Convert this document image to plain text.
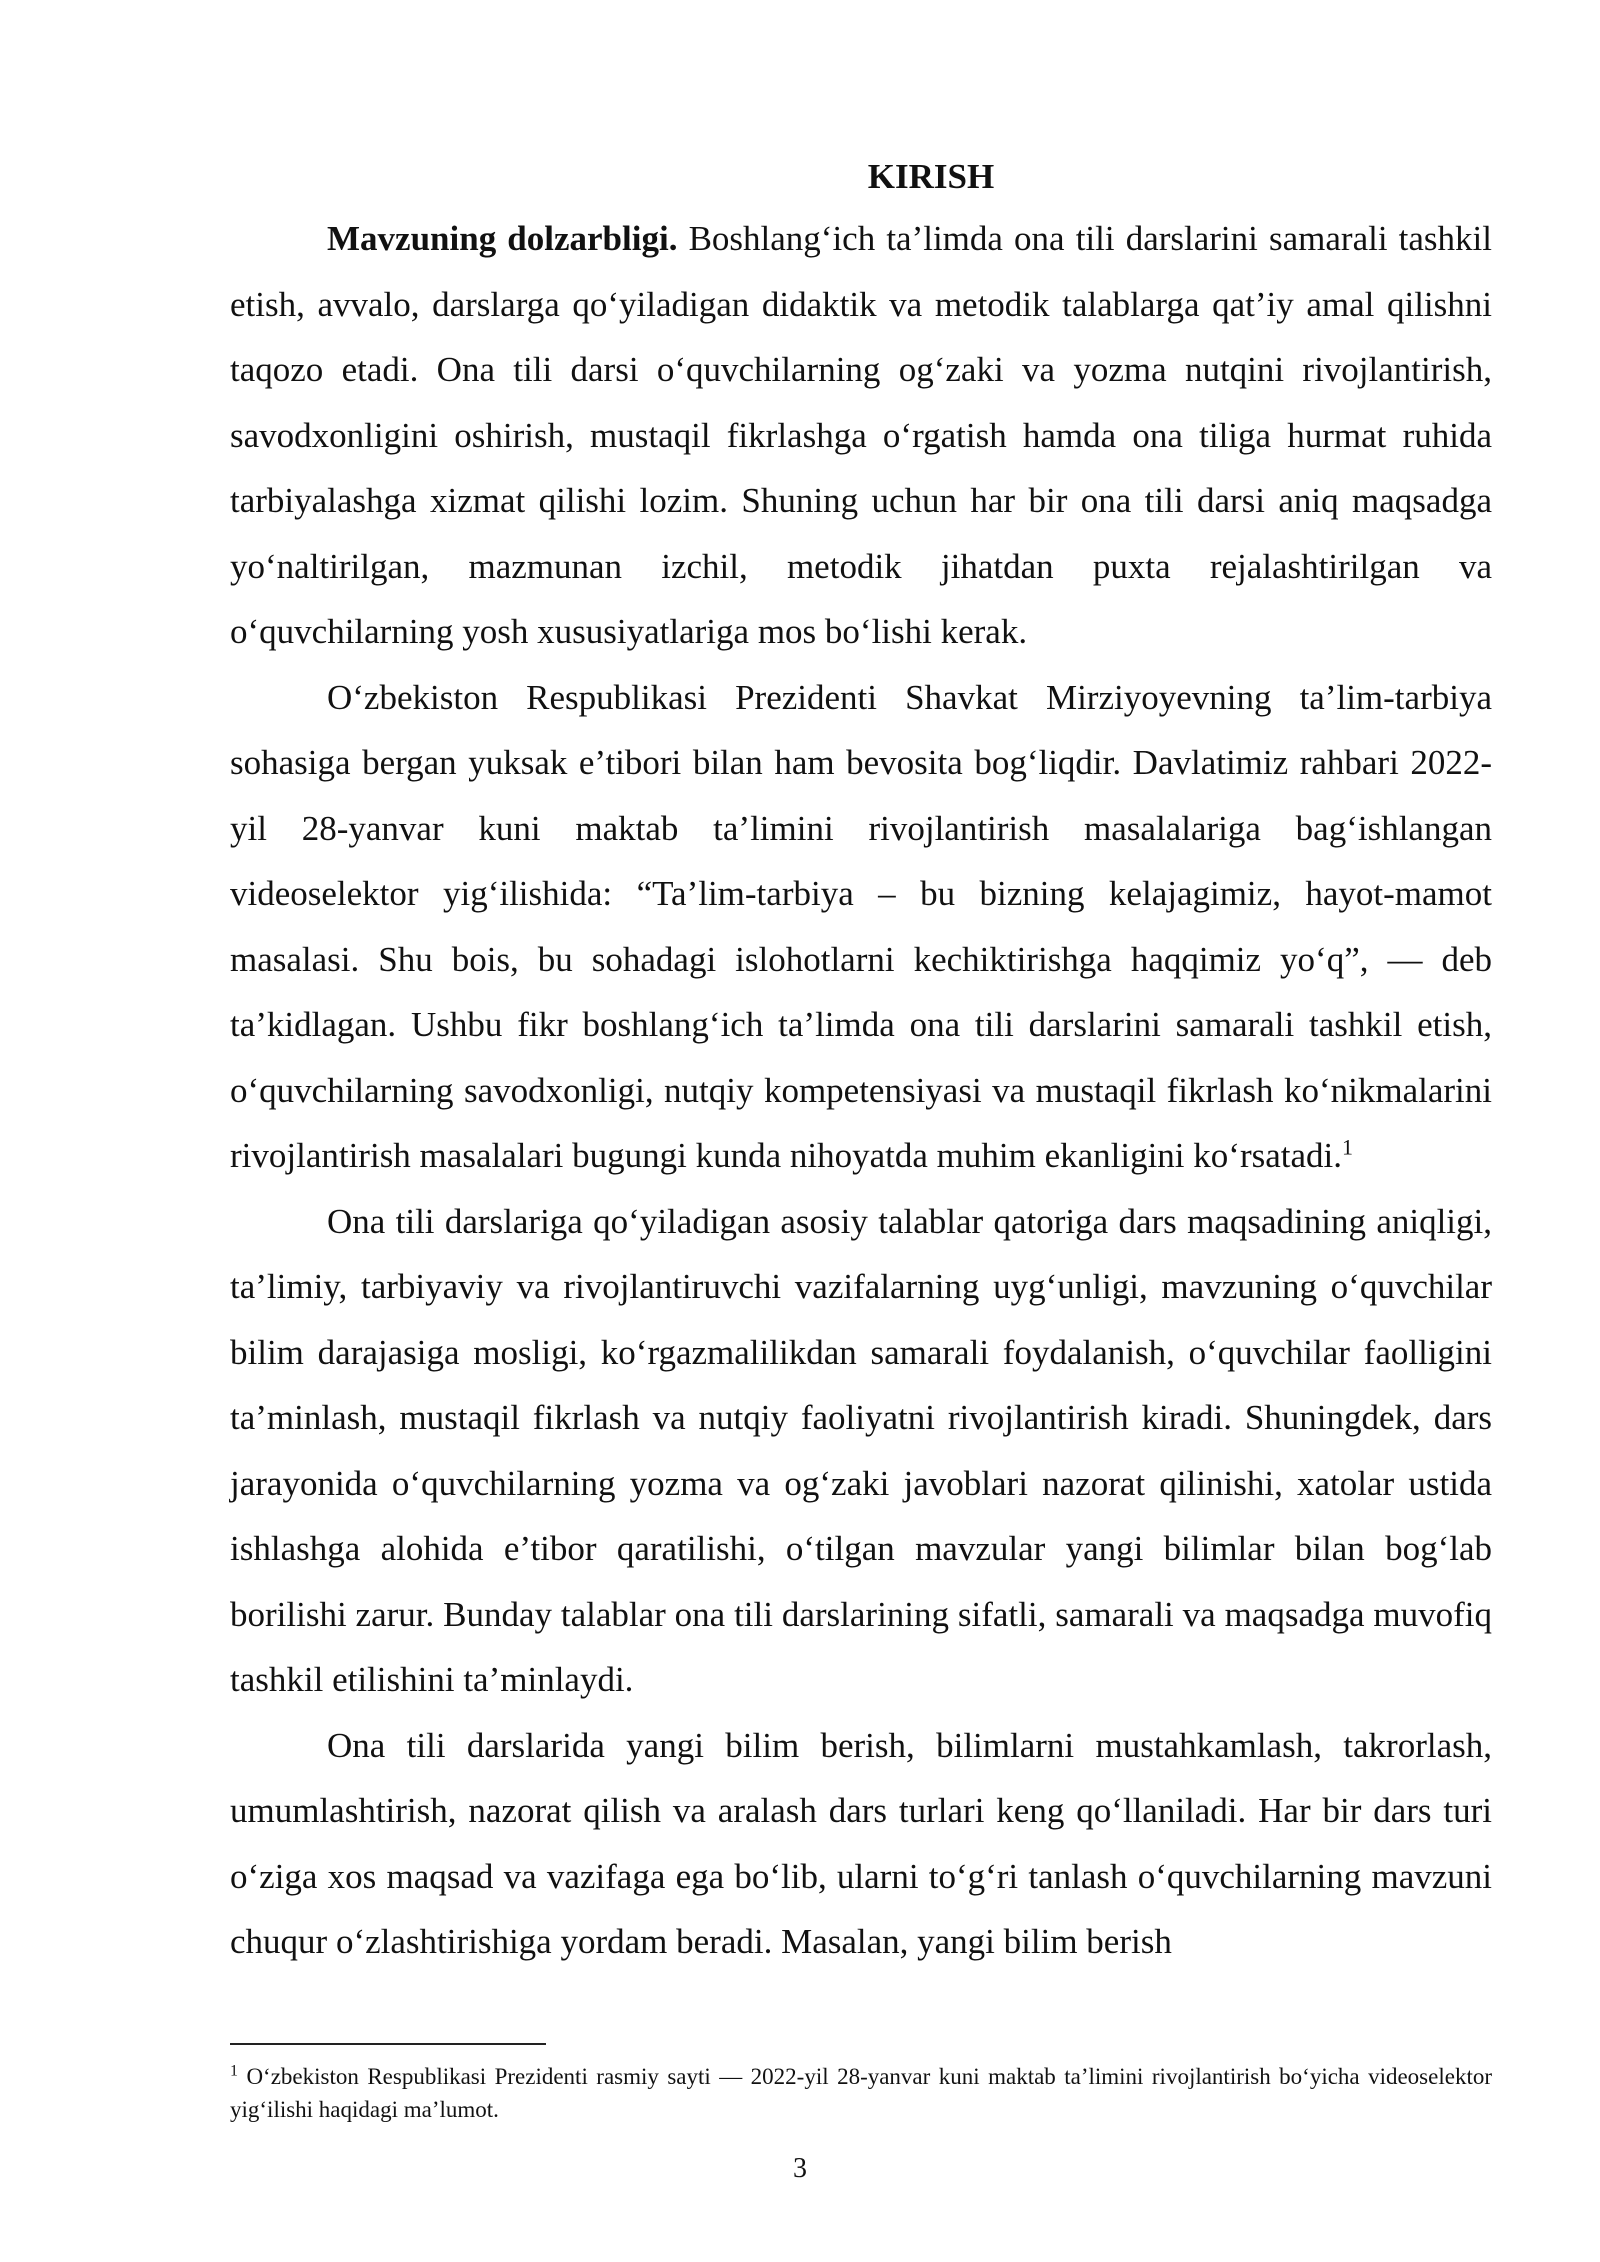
KIRISH

Mavzuning dolzarbligi. Boshlang‘ich ta’limda ona tili darslarini samarali tashkil etish, avvalo, darslarga qo‘yiladigan didaktik va metodik talablarga qat’iy amal qilishni taqozo etadi. Ona tili darsi o‘quvchilarning og‘zaki va yozma nutqini rivojlantirish, savodxonligini oshirish, mustaqil fikrlashga o‘rgatish hamda ona tiliga hurmat ruhida tarbiyalashga xizmat qilishi lozim. Shuning uchun har bir ona tili darsi aniq maqsadga yo‘naltirilgan, mazmunan izchil, metodik jihatdan puxta rejalashtirilgan va o‘quvchilarning yosh xususiyatlariga mos bo‘lishi kerak.

O‘zbekiston Respublikasi Prezidenti Shavkat Mirziyoyevning ta’lim-tarbiya sohasiga bergan yuksak e’tibori bilan ham bevosita bog‘liqdir. Davlatimiz rahbari 2022-yil 28-yanvar kuni maktab ta’limini rivojlantirish masalalariga bag‘ishlangan videoselektor yig‘ilishida: “Ta’lim-tarbiya – bu bizning kelajagimiz, hayot-mamot masalasi. Shu bois, bu sohadagi islohotlarni kechiktirishga haqqimiz yo‘q”, — deb ta’kidlagan. Ushbu fikr boshlang‘ich ta’limda ona tili darslarini samarali tashkil etish, o‘quvchilarning savodxonligi, nutqiy kompetensiyasi va mustaqil fikrlash ko‘nikmalarini rivojlantirish masalalari bugungi kunda nihoyatda muhim ekanligini ko‘rsatadi.$^1$

Ona tili darslariga qo‘yiladigan asosiy talablar qatoriga dars maqsadining aniqligi, ta’limiy, tarbiyaviy va rivojlantiruvchi vazifalarning uyg‘unligi, mavzuning o‘quvchilar bilim darajasiga mosligi, ko‘rgazmalilikdan samarali foydalanish, o‘quvchilar faolligini ta’minlash, mustaqil fikrlash va nutqiy faoliyatni rivojlantirish kiradi. Shuningdek, dars jarayonida o‘quvchilarning yozma va og‘zaki javoblari nazorat qilinishi, xatolar ustida ishlashga alohida e’tibor qaratilishi, o‘tilgan mavzular yangi bilimlar bilan bog‘lab borilishi zarur. Bunday talablar ona tili darslarining sifatli, samarali va maqsadga muvofiq tashkil etilishini ta’minlaydi.

Ona tili darslarida yangi bilim berish, bilimlarni mustahkamlash, takrorlash, umumlashtirish, nazorat qilish va aralash dars turlari keng qo‘llaniladi. Har bir dars turi o‘ziga xos maqsad va vazifaga ega bo‘lib, ularni to‘g‘ri tanlash o‘quvchilarning mavzuni chuqur o‘zlashtirishiga yordam beradi. Masalan, yangi bilim berish

$^1$ O‘zbekiston Respublikasi Prezidenti rasmiy sayti — 2022-yil 28-yanvar kuni maktab ta’limini rivojlantirish bo‘yicha videoselektor yig‘ilishi haqidagi ma’lumot.

3
